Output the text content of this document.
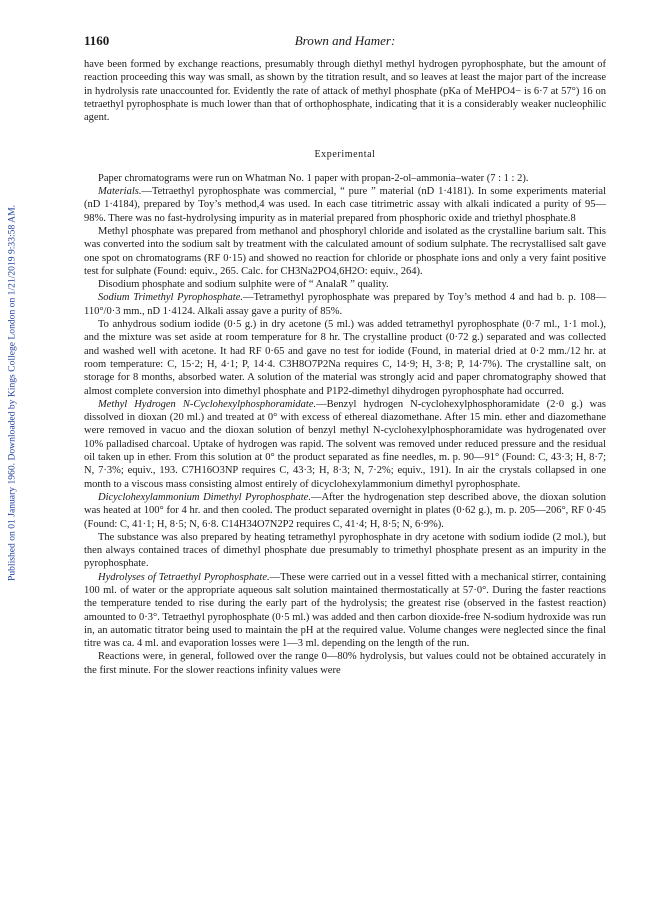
Published on 01 January 1960. Downloaded by Kings College London on 1/21/2019 9:33:58 AM.
1160	Brown and Hamer:

have been formed by exchange reactions, presumably through diethyl methyl hydrogen pyrophosphate, but the amount of reaction proceeding this way was small, as shown by the titration result, and so leaves at least the major part of the increase in hydrolysis rate unaccounted for. Evidently the rate of attack of methyl phosphate (pKa of MeHPO4− is 6·7 at 57°) 16 on tetraethyl pyrophosphate is much lower than that of orthophosphate, indicating that it is a considerably weaker nucleophilic agent.

Experimental

Paper chromatograms were run on Whatman No. 1 paper with propan-2-ol–ammonia–water (7 : 1 : 2).

Materials.—Tetraethyl pyrophosphate was commercial, “ pure ” material (nD 1·4181). In some experiments material (nD 1·4184), prepared by Toy’s method,4 was used. In each case titrimetric assay with alkali indicated a purity of 95—98%. There was no fast-hydrolysing impurity as in material prepared from phosphoric oxide and triethyl phosphate.8

Methyl phosphate was prepared from methanol and phosphoryl chloride and isolated as the crystalline barium salt. This was converted into the sodium salt by treatment with the calculated amount of sodium sulphate. The recrystallised salt gave one spot on chromatograms (RF 0·15) and showed no reaction for chloride or phosphate ions and only a very faint positive test for sulphate (Found: equiv., 265. Calc. for CH3Na2PO4,6H2O: equiv., 264).

Disodium phosphate and sodium sulphite were of “ AnalaR ” quality.

Sodium Trimethyl Pyrophosphate.—Tetramethyl pyrophosphate was prepared by Toy’s method 4 and had b. p. 108—110°/0·3 mm., nD 1·4124. Alkali assay gave a purity of 85%.

To anhydrous sodium iodide (0·5 g.) in dry acetone (5 ml.) was added tetramethyl pyrophosphate (0·7 ml., 1·1 mol.), and the mixture was set aside at room temperature for 8 hr. The crystalline product (0·72 g.) separated and was collected and washed well with acetone. It had RF 0·65 and gave no test for iodide (Found, in material dried at 0·2 mm./12 hr. at room temperature: C, 15·2; H, 4·1; P, 14·4. C3H8O7P2Na requires C, 14·9; H, 3·8; P, 14·7%). The crystalline salt, on storage for 8 months, absorbed water. A solution of the material was strongly acid and paper chromatography showed that almost complete conversion into dimethyl phosphate and P1P2-dimethyl dihydrogen pyrophosphate had occurred.

Methyl Hydrogen N-Cyclohexylphosphoramidate.—Benzyl hydrogen N-cyclohexylphosphoramidate (2·0 g.) was dissolved in dioxan (20 ml.) and treated at 0° with excess of ethereal diazomethane. After 15 min. ether and diazomethane were removed in vacuo and the dioxan solution of benzyl methyl N-cyclohexylphosphoramidate was hydrogenated over 10% palladised charcoal. Uptake of hydrogen was rapid. The solvent was removed under reduced pressure and the residual oil taken up in ether. From this solution at 0° the product separated as fine needles, m. p. 90—91° (Found: C, 43·3; H, 8·7; N, 7·3%; equiv., 193. C7H16O3NP requires C, 43·3; H, 8·3; N, 7·2%; equiv., 191). In air the crystals collapsed in one month to a viscous mass consisting almost entirely of dicyclohexylammonium dimethyl pyrophosphate.

Dicyclohexylammonium Dimethyl Pyrophosphate.—After the hydrogenation step described above, the dioxan solution was heated at 100° for 4 hr. and then cooled. The product separated overnight in plates (0·62 g.), m. p. 205—206°, RF 0·45 (Found: C, 41·1; H, 8·5; N, 6·8. C14H34O7N2P2 requires C, 41·4; H, 8·5; N, 6·9%).

The substance was also prepared by heating tetramethyl pyrophosphate in dry acetone with sodium iodide (2 mol.), but then always contained traces of dimethyl phosphate due presumably to trimethyl phosphate present as an impurity in the pyrophosphate.

Hydrolyses of Tetraethyl Pyrophosphate.—These were carried out in a vessel fitted with a mechanical stirrer, containing 100 ml. of water or the appropriate aqueous salt solution maintained thermostatically at 57·0°. During the faster reactions the temperature tended to rise during the early part of the hydrolysis; the greatest rise (observed in the fastest reaction) amounted to 0·3°. Tetraethyl pyrophosphate (0·5 ml.) was added and then carbon dioxide-free N-sodium hydroxide was run in, an automatic titrator being used to maintain the pH at the required value. Volume changes were neglected since the final titre was ca. 4 ml. and evaporation losses were 1—3 ml. depending on the length of the run.

Reactions were, in general, followed over the range 0—80% hydrolysis, but values could not be obtained accurately in the first minute. For the slower reactions infinity values were
